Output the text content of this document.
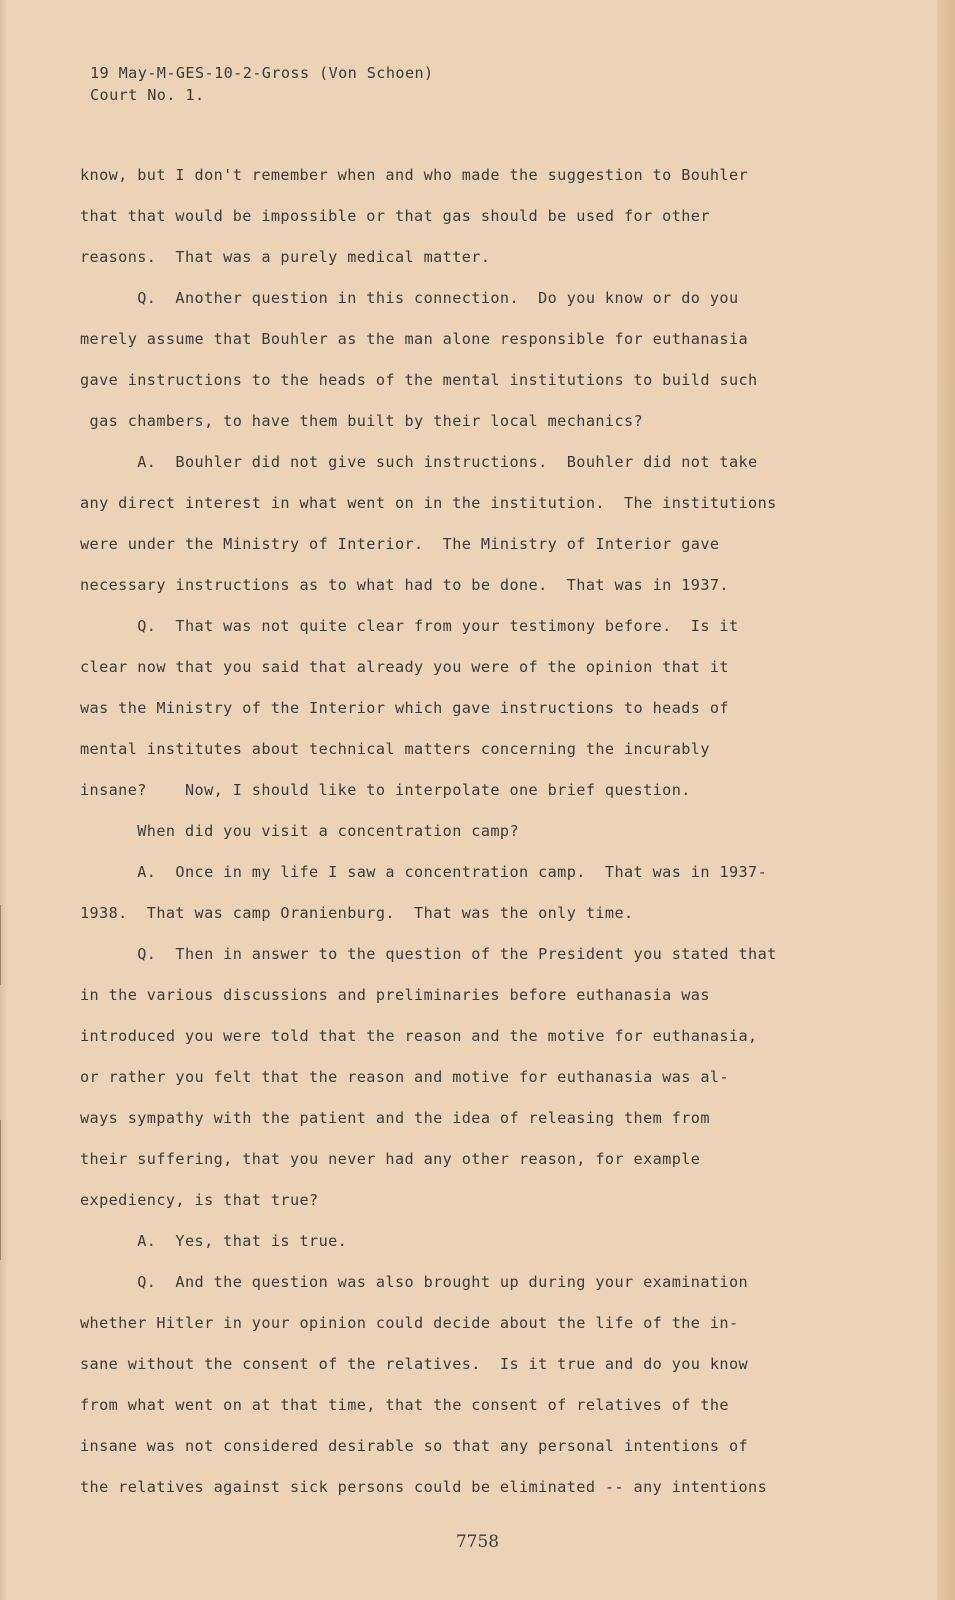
19 May-M-GES-10-2-Gross (Von Schoen)
Court No. 1.
know, but I don't remember when and who made the suggestion to Bouhler
that that would be impossible or that gas should be used for other
reasons.  That was a purely medical matter.
Q.  Another question in this connection.  Do you know or do you
merely assume that Bouhler as the man alone responsible for euthanasia
gave instructions to the heads of the mental institutions to build such
gas chambers, to have them built by their local mechanics?
A.  Bouhler did not give such instructions.  Bouhler did not take
any direct interest in what went on in the institution.  The institutions
were under the Ministry of Interior.  The Ministry of Interior gave
necessary instructions as to what had to be done.  That was in 1937.
Q.  That was not quite clear from your testimony before.  Is it
clear now that you said that already you were of the opinion that it
was the Ministry of the Interior which gave instructions to heads of
mental institutes about technical matters concerning the incurably
insane?    Now, I should like to interpolate one brief question.
When did you visit a concentration camp?
A.  Once in my life I saw a concentration camp.  That was in 1937-
1938.  That was camp Oranienburg.  That was the only time.
Q.  Then in answer to the question of the President you stated that
in the various discussions and preliminaries before euthanasia was
introduced you were told that the reason and the motive for euthanasia,
or rather you felt that the reason and motive for euthanasia was al-
ways sympathy with the patient and the idea of releasing them from
their suffering, that you never had any other reason, for example
expediency, is that true?
A.  Yes, that is true.
Q.  And the question was also brought up during your examination
whether Hitler in your opinion could decide about the life of the in-
sane without the consent of the relatives.  Is it true and do you know
from what went on at that time, that the consent of relatives of the
insane was not considered desirable so that any personal intentions of
the relatives against sick persons could be eliminated -- any intentions
7758
